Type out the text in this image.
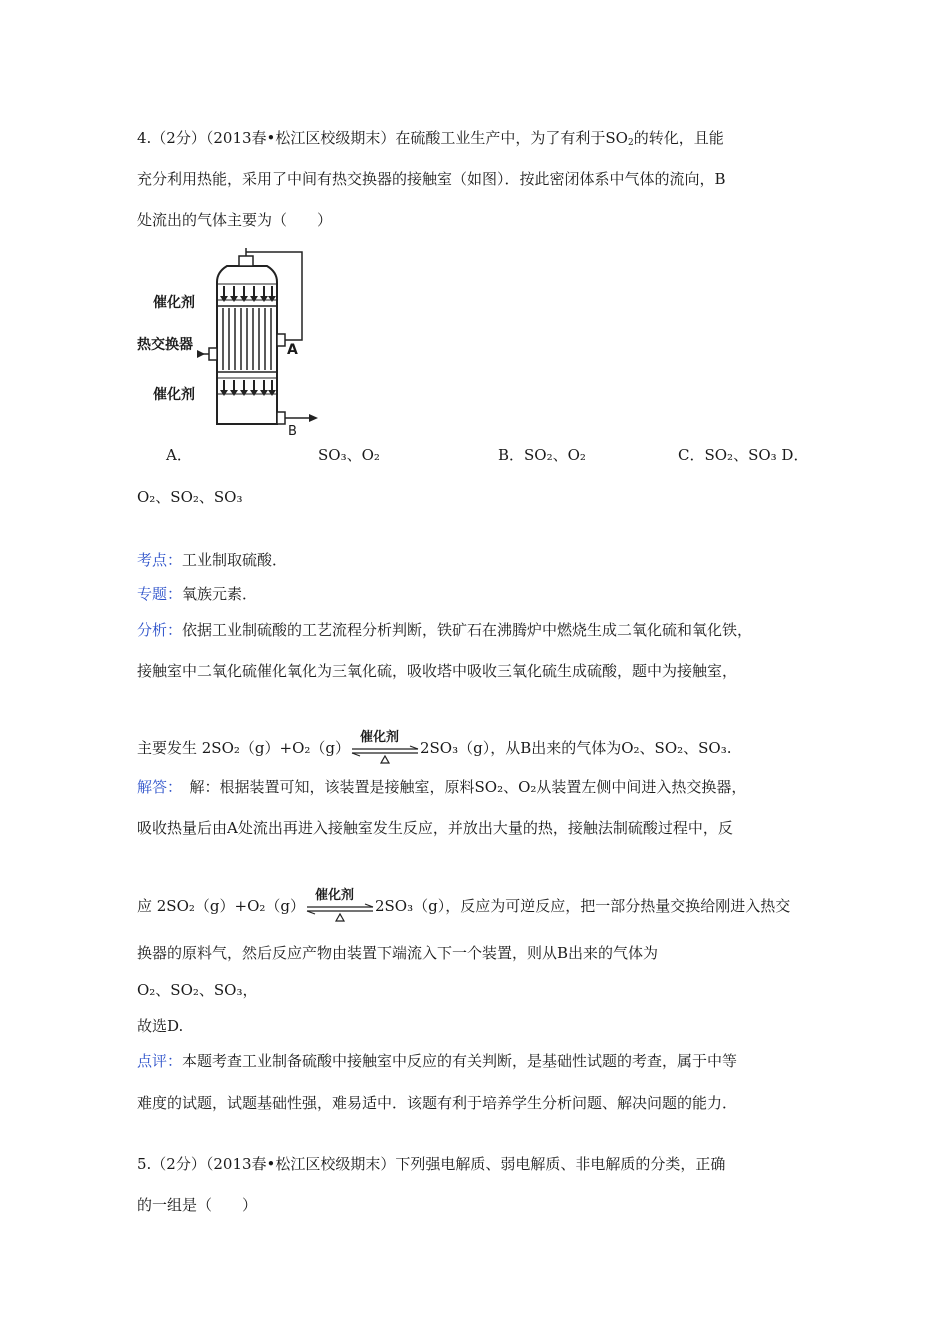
4.（2分）（2013春•松江区校级期末）在硫酸工业生产中，为了有利于$SO_2$的转化，且能
充分利用热能，采用了中间有热交换器的接触室（如图）．按此密闭体系中气体的流向，B
处流出的气体主要为（　　）
催化剂
热交换器
催化剂
A
B
A．	SO₃、O₂	B．SO₂、O₂	C．SO₂、SO₃ D．
O₂、SO₂、SO₃
考点：工业制取硫酸．
专题：氧族元素．
分析：依据工业制硫酸的工艺流程分析判断，铁矿石在沸腾炉中燃烧生成二氧化硫和氧化铁，
接触室中二氧化硫催化氧化为三氧化硫，吸收塔中吸收三氧化硫生成硫酸，题中为接触室，
主要发生 2SO₂（g）+O₂（g）
催化剂
2SO₃（g），从B出来的气体为O₂、SO₂、SO₃.
解答：　解：根据装置可知，该装置是接触室，原料SO₂、O₂从装置左侧中间进入热交换器，
吸收热量后由A处流出再进入接触室发生反应，并放出大量的热，接触法制硫酸过程中，反
应 2SO₂（g）+O₂（g）
催化剂
2SO₃（g），反应为可逆反应，把一部分热量交换给刚进入热交
换器的原料气，然后反应产物由装置下端流入下一个装置，则从B出来的气体为
O₂、SO₂、SO₃，
故选D.
点评：本题考查工业制备硫酸中接触室中反应的有关判断，是基础性试题的考查，属于中等
难度的试题，试题基础性强，难易适中．该题有利于培养学生分析问题、解决问题的能力．
5.（2分）（2013春•松江区校级期末）下列强电解质、弱电解质、非电解质的分类，正确
的一组是（　　）
